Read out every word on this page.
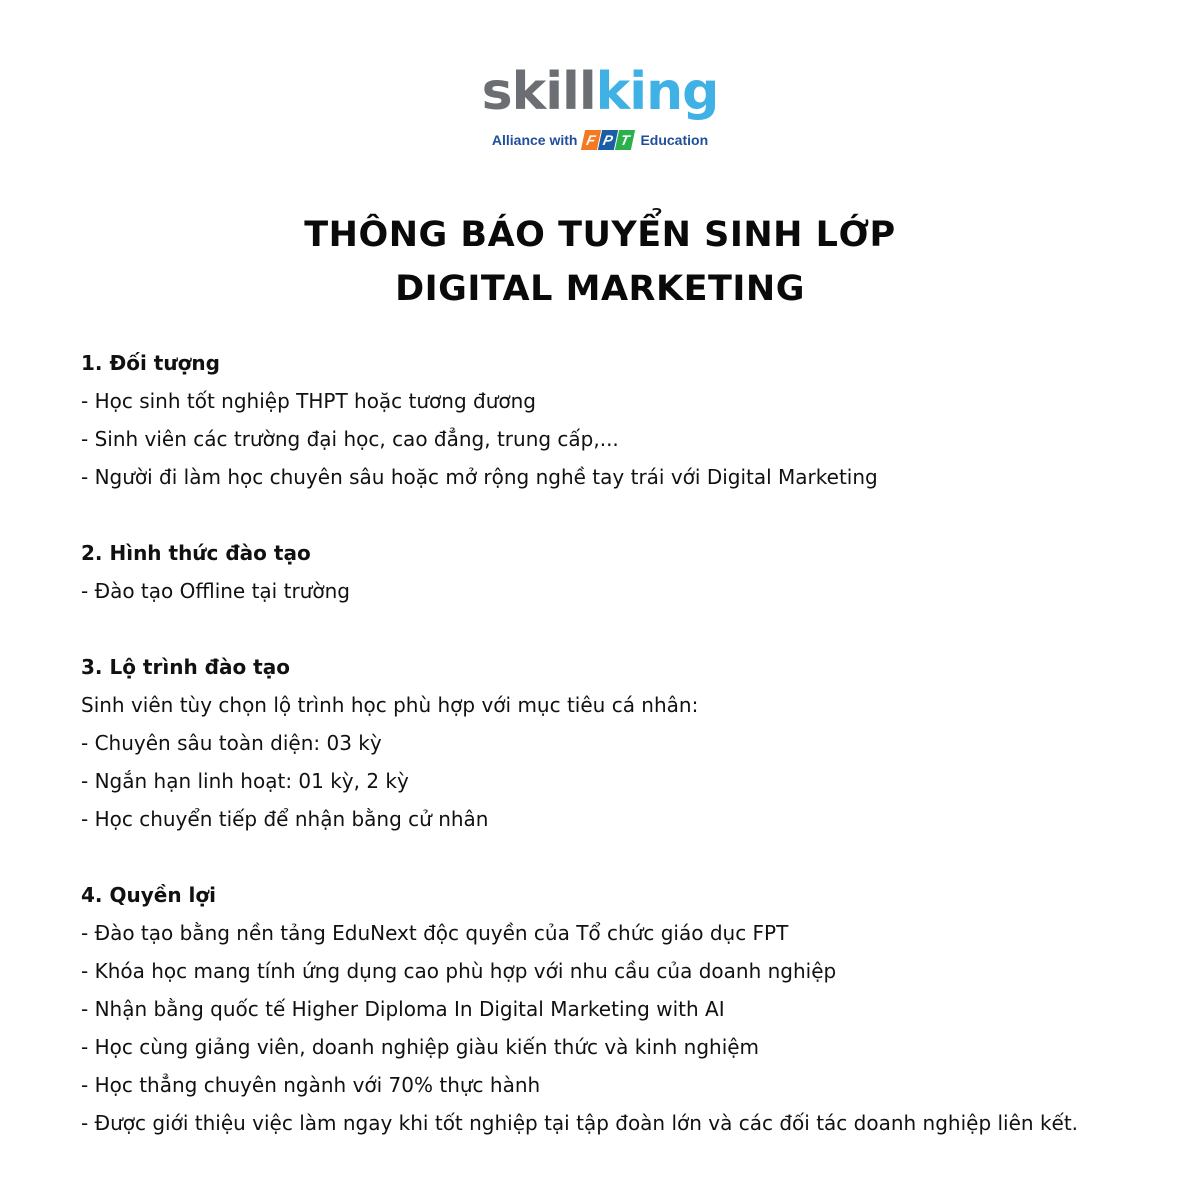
skillking
Alliance with F P T Education
THÔNG BÁO TUYỂN SINH LỚP
DIGITAL MARKETING
1. Đối tượng
- Học sinh tốt nghiệp THPT hoặc tương đương
- Sinh viên các trường đại học, cao đẳng, trung cấp,...
- Người đi làm học chuyên sâu hoặc mở rộng nghề tay trái với Digital Marketing
2. Hình thức đào tạo
- Đào tạo Offline tại trường
3. Lộ trình đào tạo
Sinh viên tùy chọn lộ trình học phù hợp với mục tiêu cá nhân:
- Chuyên sâu toàn diện: 03 kỳ
- Ngắn hạn linh hoạt: 01 kỳ, 2 kỳ
- Học chuyển tiếp để nhận bằng cử nhân
4. Quyền lợi
- Đào tạo bằng nền tảng EduNext độc quyền của Tổ chức giáo dục FPT
- Khóa học mang tính ứng dụng cao phù hợp với nhu cầu của doanh nghiệp
- Nhận bằng quốc tế Higher Diploma In Digital Marketing with AI
- Học cùng giảng viên, doanh nghiệp giàu kiến thức và kinh nghiệm
- Học thẳng chuyên ngành với 70% thực hành
- Được giới thiệu việc làm ngay khi tốt nghiệp tại tập đoàn lớn và các đối tác doanh nghiệp liên kết.
